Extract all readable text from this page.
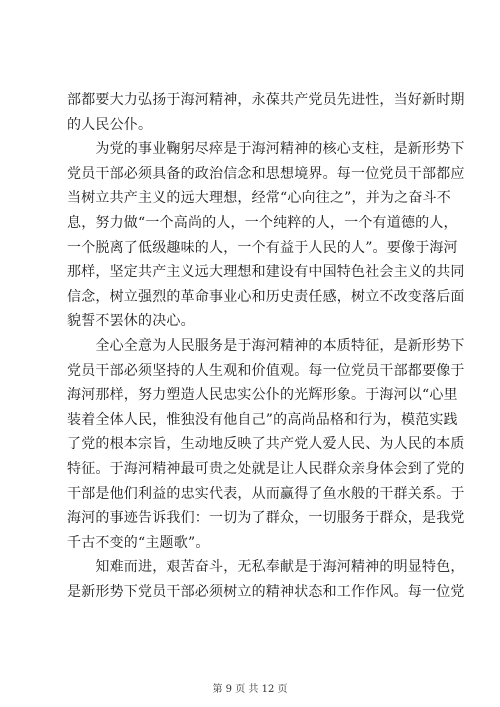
部都要大力弘扬于海河精神，永葆共产党员先进性，当好新时期
的人民公仆。

　　为党的事业鞠躬尽瘁是于海河精神的核心支柱，是新形势下
党员干部必须具备的政治信念和思想境界。每一位党员干部都应
当树立共产主义的远大理想，经常“心向往之”，并为之奋斗不
息，努力做“一个高尚的人，一个纯粹的人，一个有道德的人，
一个脱离了低级趣味的人，一个有益于人民的人”。要像于海河
那样，坚定共产主义远大理想和建设有中国特色社会主义的共同
信念，树立强烈的革命事业心和历史责任感，树立不改变落后面
貌誓不罢休的决心。

　　全心全意为人民服务是于海河精神的本质特征，是新形势下
党员干部必须坚持的人生观和价值观。每一位党员干部都要像于
海河那样，努力塑造人民忠实公仆的光辉形象。于海河以“心里
装着全体人民，惟独没有他自己”的高尚品格和行为，模范实践
了党的根本宗旨，生动地反映了共产党人爱人民、为人民的本质
特征。于海河精神最可贵之处就是让人民群众亲身体会到了党的
干部是他们利益的忠实代表，从而赢得了鱼水般的干群关系。于
海河的事迹告诉我们：一切为了群众，一切服务于群众，是我党
千古不变的“主题歌”。

　　知难而进，艰苦奋斗，无私奉献是于海河精神的明显特色，
是新形势下党员干部必须树立的精神状态和工作作风。每一位党

第 9 页 共 12 页
